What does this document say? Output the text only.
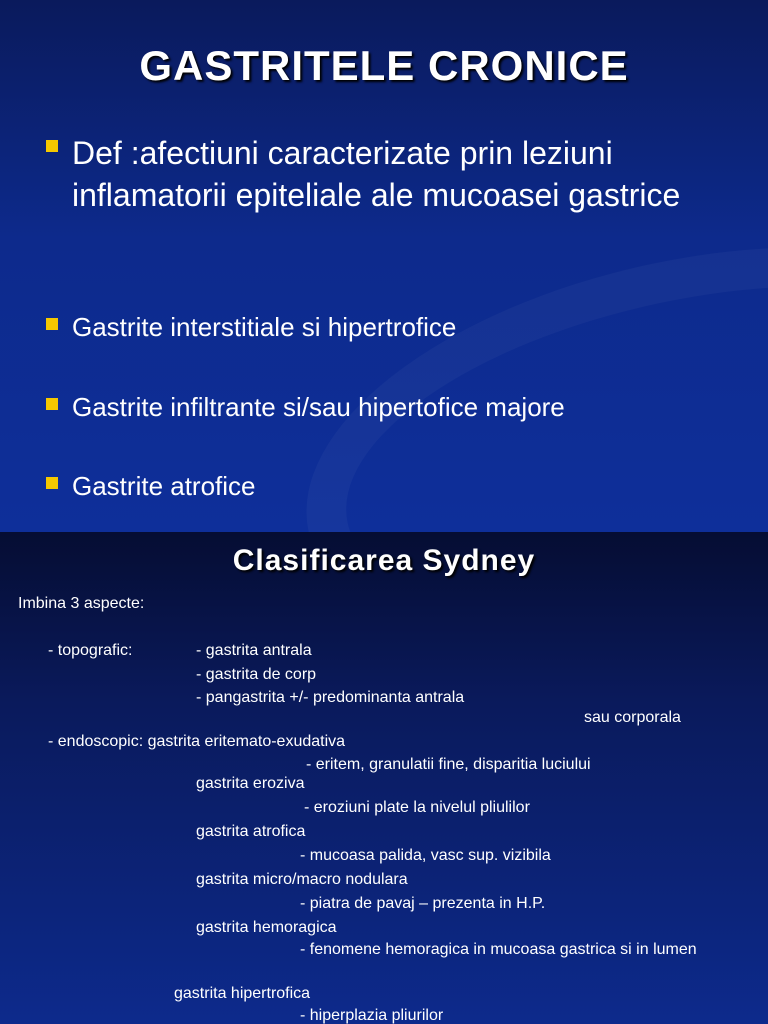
GASTRITELE CRONICE
Def :afectiuni caracterizate prin leziuni inflamatorii epiteliale ale mucoasei gastrice
Gastrite interstitiale si hipertrofice
Gastrite infiltrante si/sau hipertofice majore
Gastrite atrofice
Clasificarea Sydney
Imbina 3 aspecte:
- topografic:	- gastrita antrala
- gastrita de corp
- pangastrita +/- predominanta antrala
sau corporala
- endoscopic: gastrita eritemato-exudativa
- eritem, granulatii fine, disparitia luciului
gastrita eroziva
- eroziuni plate la nivelul pliulilor
gastrita atrofica
- mucoasa palida, vasc sup. vizibila
gastrita micro/macro nodulara
- piatra de pavaj – prezenta in H.P.
gastrita hemoragica
- fenomene hemoragica in mucoasa gastrica si in lumen
gastrita hipertrofica
- hiperplazia pliurilor
